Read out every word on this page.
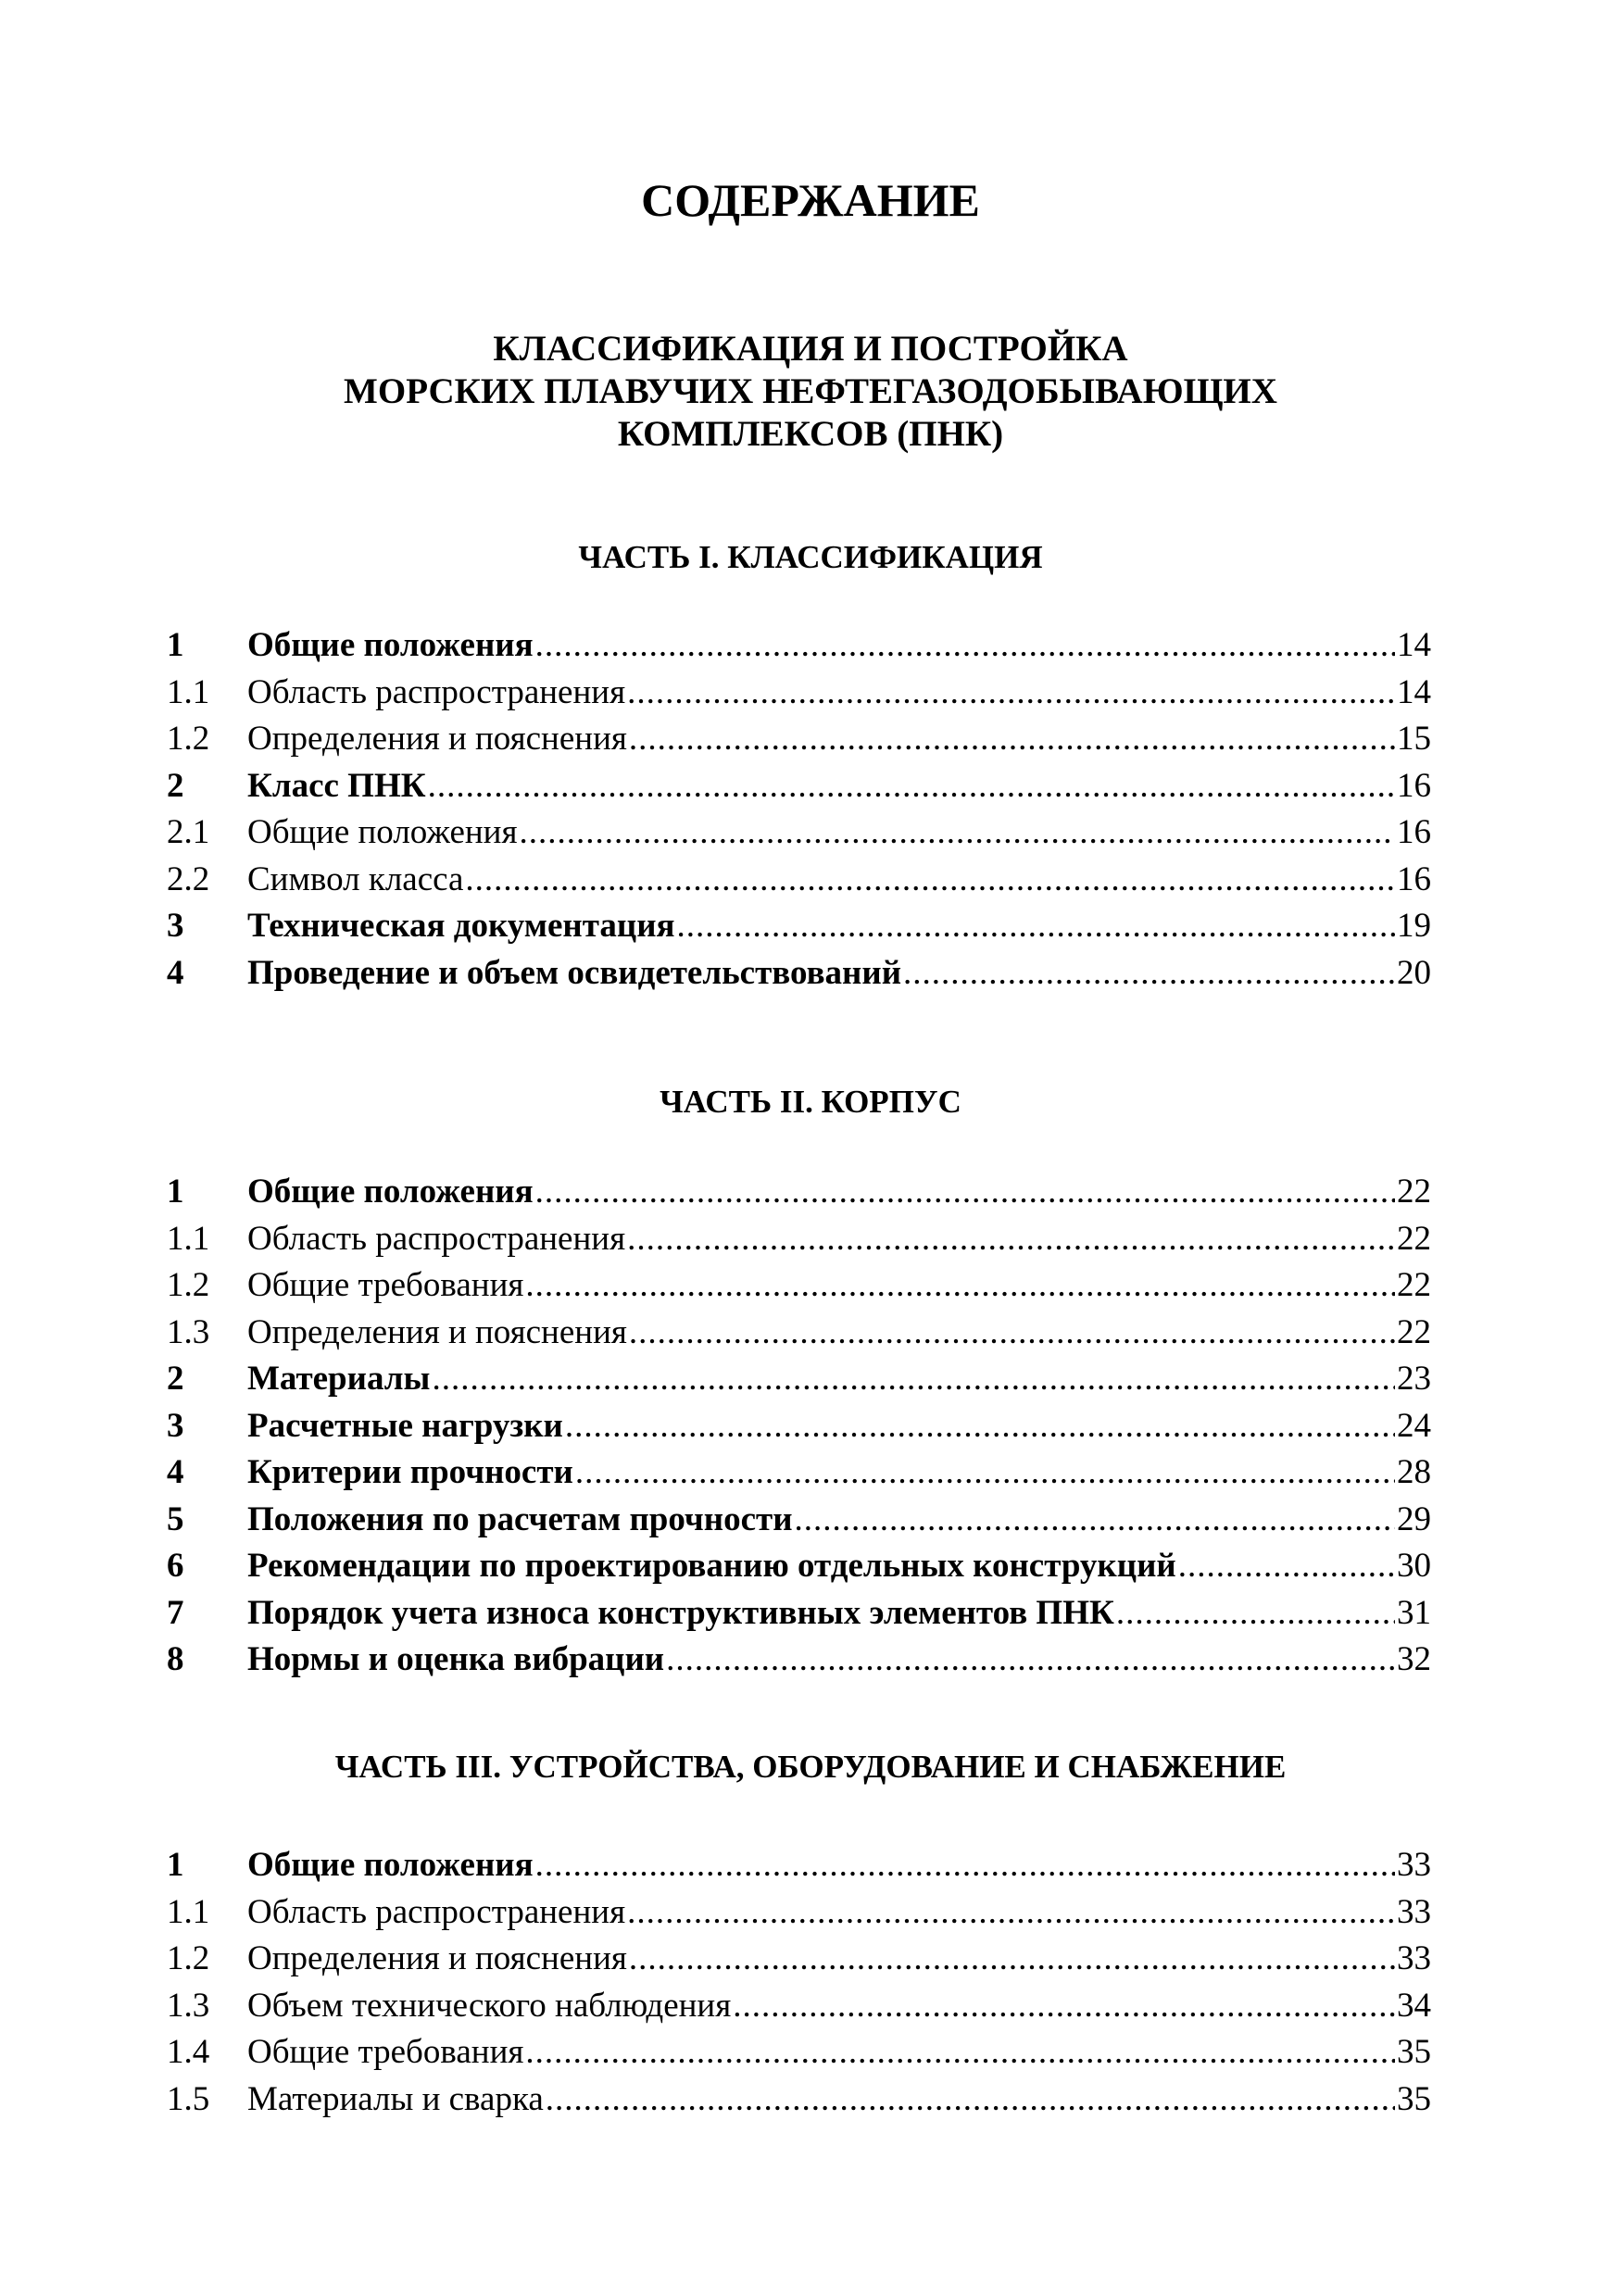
СОДЕРЖАНИЕ
КЛАССИФИКАЦИЯ И ПОСТРОЙКА
МОРСКИХ ПЛАВУЧИХ НЕФТЕГАЗОДОБЫВАЮЩИХ
КОМПЛЕКСОВ (ПНК)
ЧАСТЬ I. КЛАССИФИКАЦИЯ
1	Общие положения .....	14
1.1	Область распространения .....	14
1.2	Определения и пояснения .....	15
2	Класс ПНК .....	16
2.1	Общие положения .....	16
2.2	Символ класса .....	16
3	Техническая документация .....	19
4	Проведение и объем освидетельствований .....	20
ЧАСТЬ II. КОРПУС
1	Общие положения .....	22
1.1	Область распространения .....	22
1.2	Общие требования .....	22
1.3	Определения и пояснения .....	22
2	Материалы .....	23
3	Расчетные нагрузки .....	24
4	Критерии прочности .....	28
5	Положения по расчетам прочности .....	29
6	Рекомендации по проектированию отдельных конструкций .....	30
7	Порядок учета износа конструктивных элементов ПНК .....	31
8	Нормы и оценка вибрации .....	32
ЧАСТЬ III. УСТРОЙСТВА, ОБОРУДОВАНИЕ И СНАБЖЕНИЕ
1	Общие положения .....	33
1.1	Область распространения .....	33
1.2	Определения и пояснения .....	33
1.3	Объем технического наблюдения .....	34
1.4	Общие требования .....	35
1.5	Материалы и сварка .....	35
